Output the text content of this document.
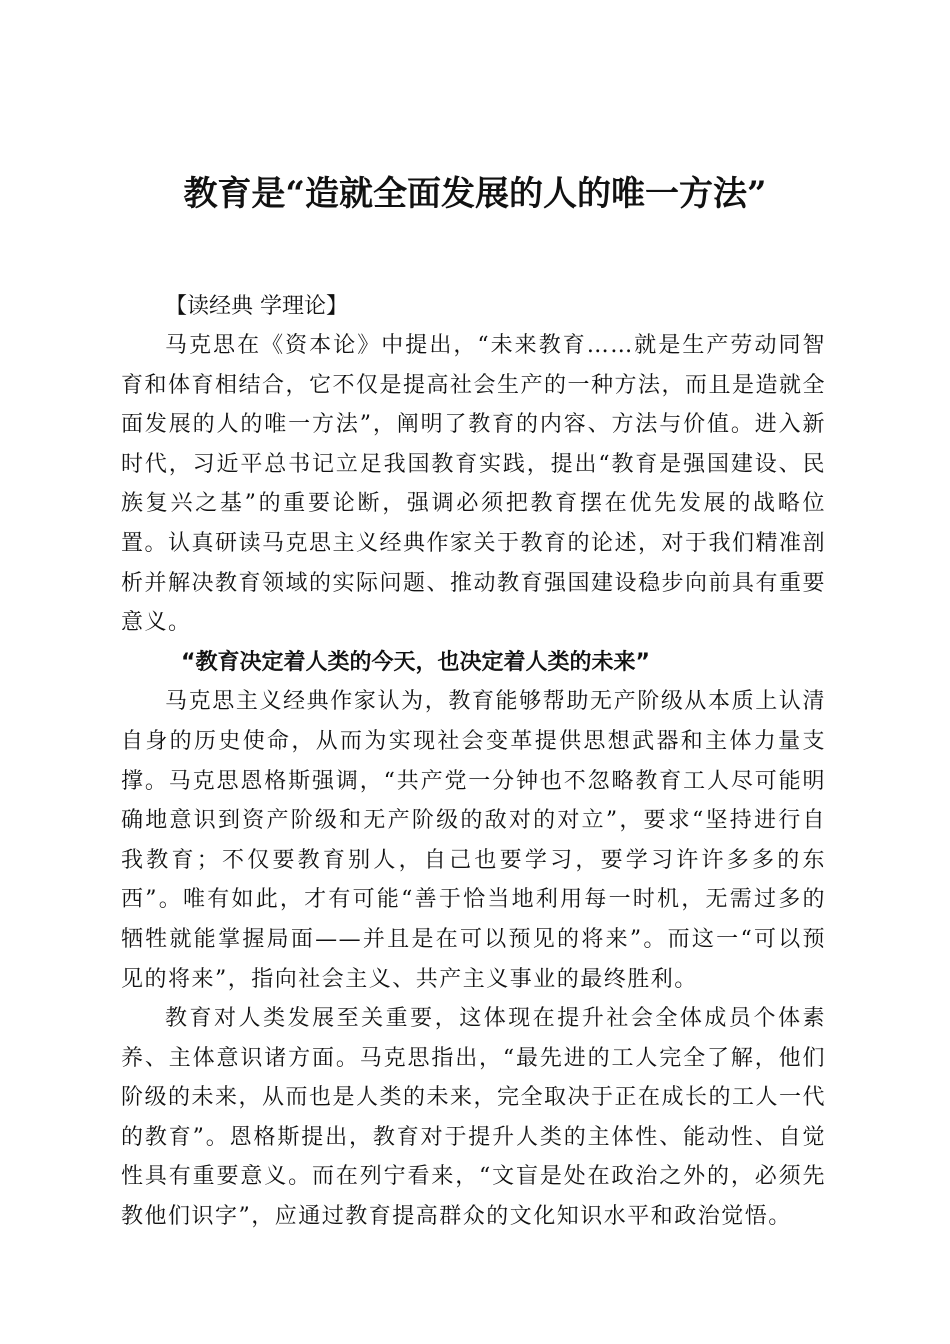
教育是“造就全面发展的人的唯一方法”

【读经典 学理论】

马克思在《资本论》中提出，“未来教育……就是生产劳动同智育和体育相结合，它不仅是提高社会生产的一种方法，而且是造就全面发展的人的唯一方法”，阐明了教育的内容、方法与价值。进入新时代，习近平总书记立足我国教育实践，提出“教育是强国建设、民族复兴之基”的重要论断，强调必须把教育摆在优先发展的战略位置。认真研读马克思主义经典作家关于教育的论述，对于我们精准剖析并解决教育领域的实际问题、推动教育强国建设稳步向前具有重要意义。

“教育决定着人类的今天，也决定着人类的未来”

马克思主义经典作家认为，教育能够帮助无产阶级从本质上认清自身的历史使命，从而为实现社会变革提供思想武器和主体力量支撑。马克思恩格斯强调，“共产党一分钟也不忽略教育工人尽可能明确地意识到资产阶级和无产阶级的敌对的对立”，要求“坚持进行自我教育；不仅要教育别人，自己也要学习，要学习许许多多的东西”。唯有如此，才有可能“善于恰当地利用每一时机，无需过多的牺牲就能掌握局面——并且是在可以预见的将来”。而这一“可以预见的将来”，指向社会主义、共产主义事业的最终胜利。

教育对人类发展至关重要，这体现在提升社会全体成员个体素养、主体意识诸方面。马克思指出，“最先进的工人完全了解，他们阶级的未来，从而也是人类的未来，完全取决于正在成长的工人一代的教育”。恩格斯提出，教育对于提升人类的主体性、能动性、自觉性具有重要意义。而在列宁看来，“文盲是处在政治之外的，必须先教他们识字”，应通过教育提高群众的文化知识水平和政治觉悟。
